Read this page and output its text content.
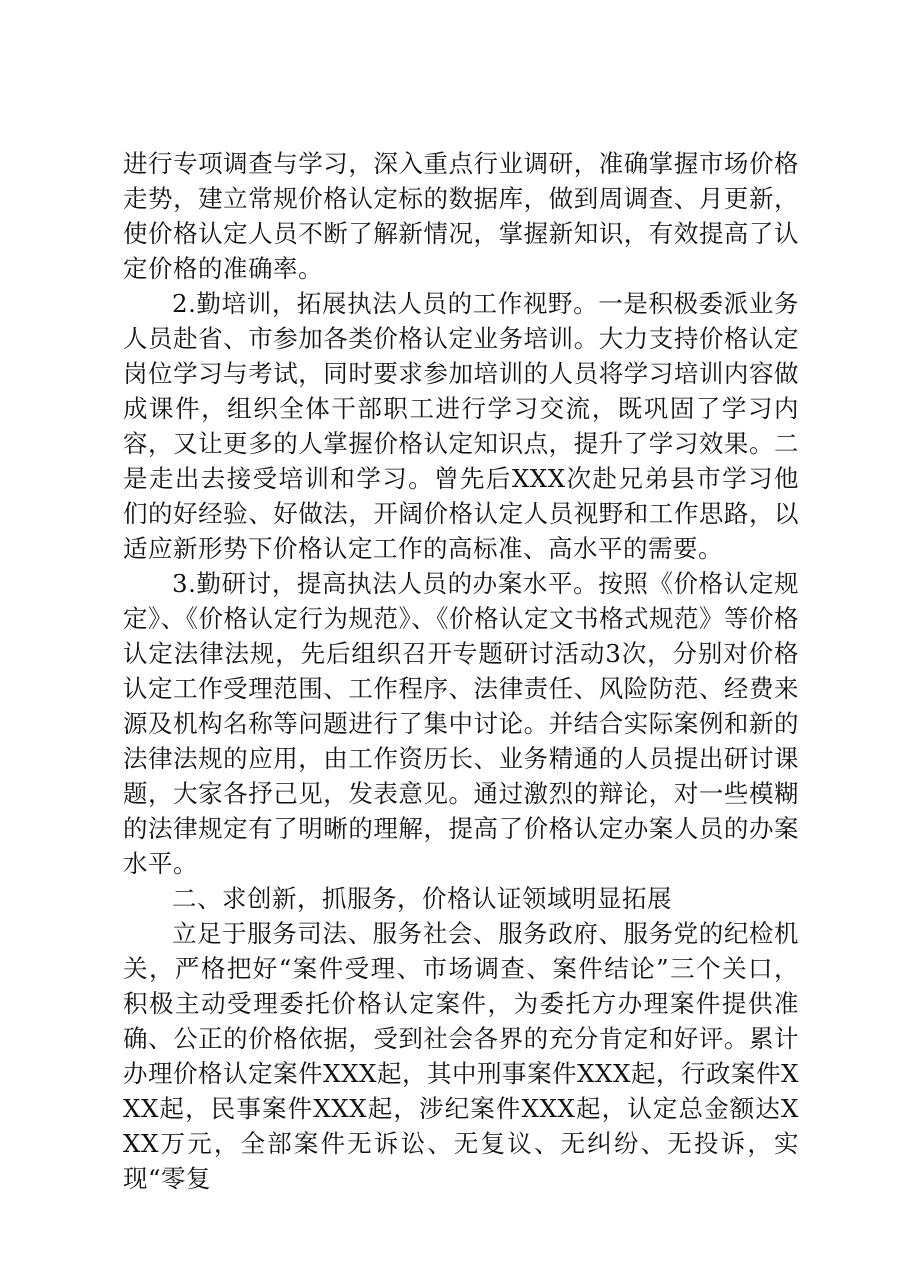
进行专项调查与学习，深入重点行业调研，准确掌握市场价格走势，建立常规价格认定标的数据库，做到周调查、月更新，使价格认定人员不断了解新情况，掌握新知识，有效提高了认定价格的准确率。

2.勤培训，拓展执法人员的工作视野。一是积极委派业务人员赴省、市参加各类价格认定业务培训。大力支持价格认定岗位学习与考试，同时要求参加培训的人员将学习培训内容做成课件，组织全体干部职工进行学习交流，既巩固了学习内容，又让更多的人掌握价格认定知识点，提升了学习效果。二是走出去接受培训和学习。曾先后XXX次赴兄弟县市学习他们的好经验、好做法，开阔价格认定人员视野和工作思路，以适应新形势下价格认定工作的高标准、高水平的需要。

3.勤研讨，提高执法人员的办案水平。按照《价格认定规定》、《价格认定行为规范》、《价格认定文书格式规范》等价格认定法律法规，先后组织召开专题研讨活动3次，分别对价格认定工作受理范围、工作程序、法律责任、风险防范、经费来源及机构名称等问题进行了集中讨论。并结合实际案例和新的法律法规的应用，由工作资历长、业务精通的人员提出研讨课题，大家各抒己见，发表意见。通过激烈的辩论，对一些模糊的法律规定有了明晰的理解，提高了价格认定办案人员的办案水平。

二、求创新，抓服务，价格认证领域明显拓展

立足于服务司法、服务社会、服务政府、服务党的纪检机关，严格把好“案件受理、市场调查、案件结论”三个关口，积极主动受理委托价格认定案件，为委托方办理案件提供准确、公正的价格依据，受到社会各界的充分肯定和好评。累计办理价格认定案件XXX起，其中刑事案件XXX起，行政案件XXX起，民事案件XXX起，涉纪案件XXX起，认定总金额达XXX万元，全部案件无诉讼、无复议、无纠纷、无投诉，实现“零复
